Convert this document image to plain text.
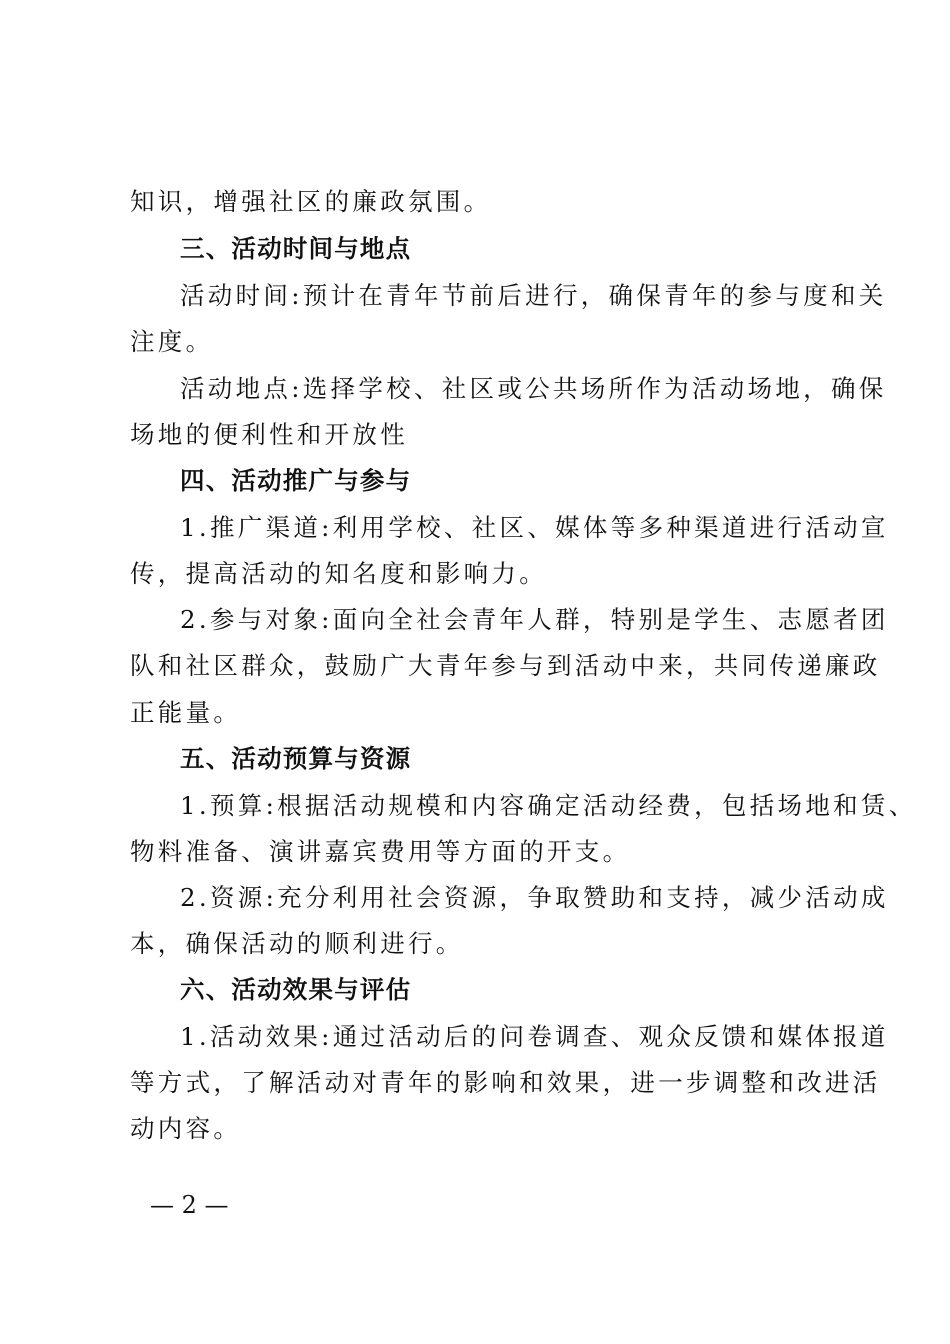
知识，增强社区的廉政氛围。
三、活动时间与地点
活动时间:预计在青年节前后进行，确保青年的参与度和关
注度。
活动地点:选择学校、社区或公共场所作为活动场地，确保
场地的便利性和开放性
四、活动推广与参与
1.推广渠道:利用学校、社区、媒体等多种渠道进行活动宣
传，提高活动的知名度和影响力。
2.参与对象:面向全社会青年人群，特别是学生、志愿者团
队和社区群众，鼓励广大青年参与到活动中来，共同传递廉政
正能量。
五、活动预算与资源
1.预算:根据活动规模和内容确定活动经费，包括场地和赁、
物料准备、演讲嘉宾费用等方面的开支。
2.资源:充分利用社会资源，争取赞助和支持，减少活动成
本，确保活动的顺利进行。
六、活动效果与评估
1.活动效果:通过活动后的问卷调查、观众反馈和媒体报道
等方式，了解活动对青年的影响和效果，进一步调整和改进活
动内容。
— 2 —
